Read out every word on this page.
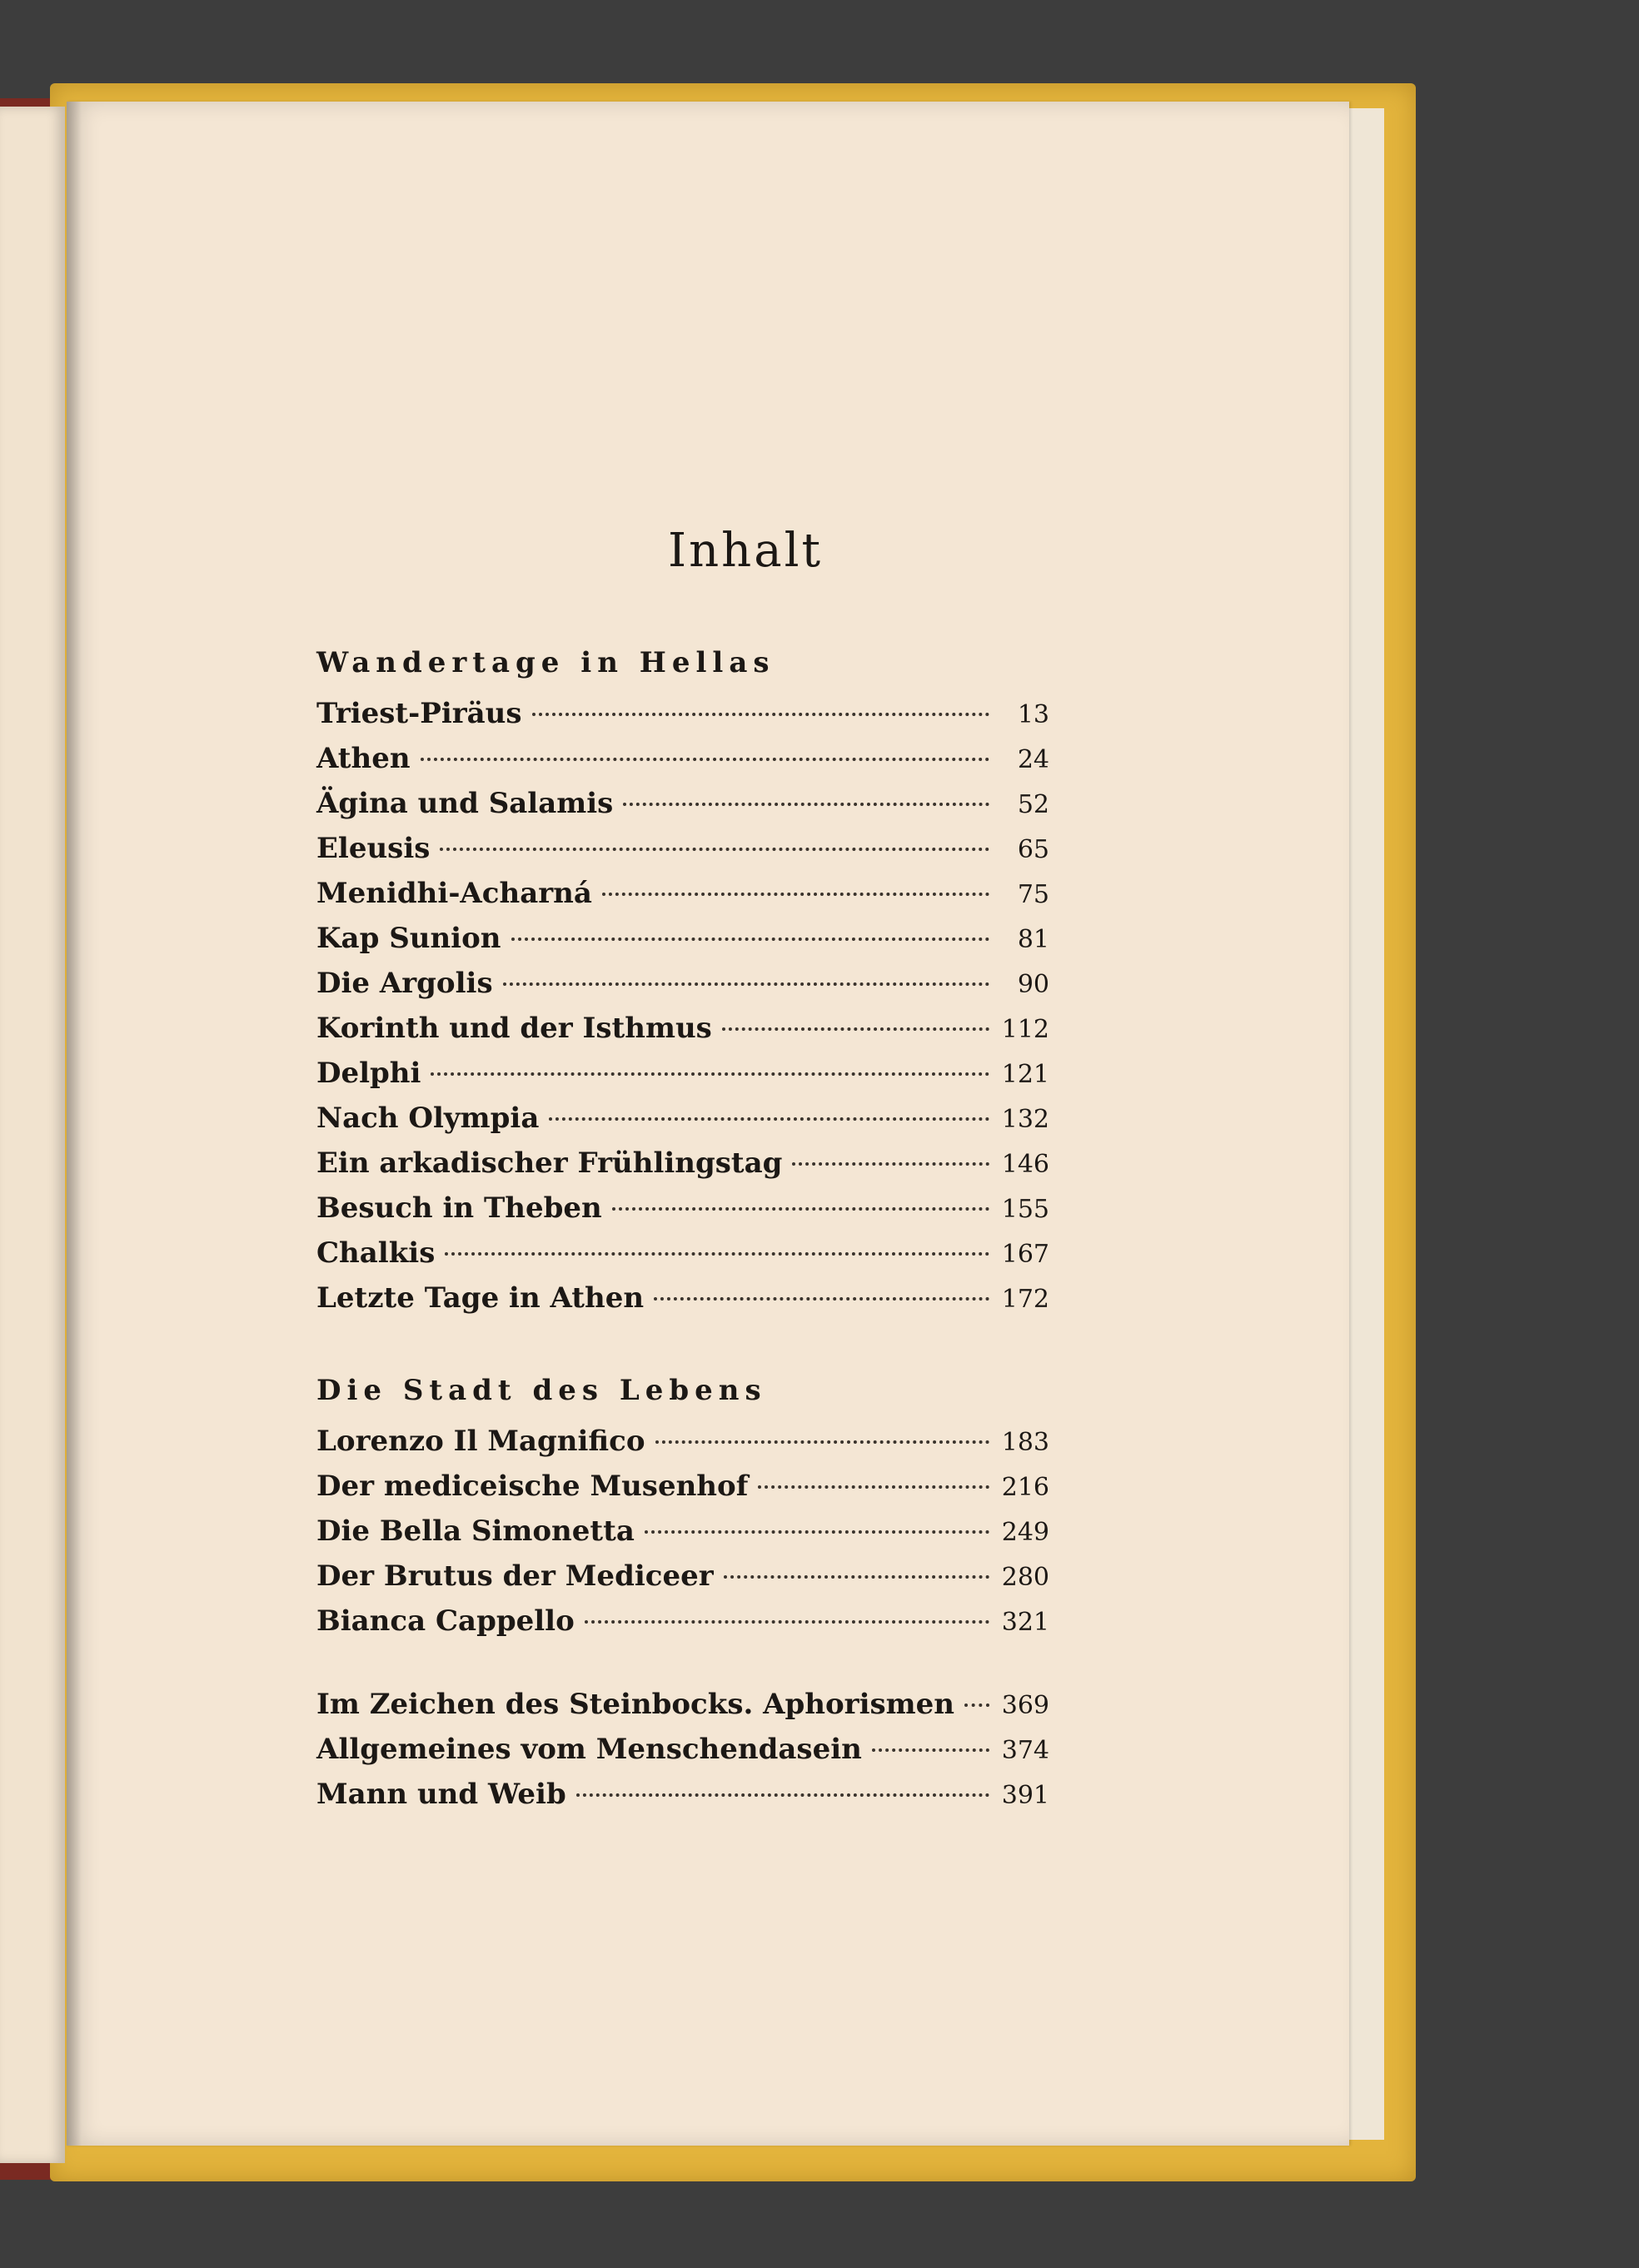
Inhalt
Wandertage in Hellas
Triest-Piräus	13
Athen	24
Ägina und Salamis	52
Eleusis	65
Menidhi-Acharná	75
Kap Sunion	81
Die Argolis	90
Korinth und der Isthmus	112
Delphi	121
Nach Olympia	132
Ein arkadischer Frühlingstag	146
Besuch in Theben	155
Chalkis	167
Letzte Tage in Athen	172
Die Stadt des Lebens
Lorenzo Il Magnifico	183
Der mediceische Musenhof	216
Die Bella Simonetta	249
Der Brutus der Mediceer	280
Bianca Cappello	321
Im Zeichen des Steinbocks. Aphorismen	369
Allgemeines vom Menschendasein	374
Mann und Weib	391
